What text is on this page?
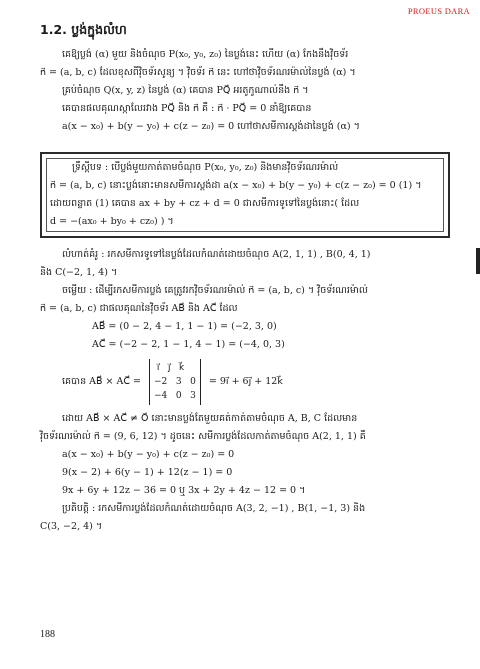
PROEUS DARA
1.2. ប្លង់ក្នុងលំហ
គេឱ្យប្លង់ (α) មួយ និងចំណុច P(x₀, y₀, z₀) នៃប្លង់នេះ ហើយ (α) កែងនឹងវ៉ិចទ័រ
n⃗ = (a, b, c) ដែលខុសពីវ៉ិចទ័រសូន្យ ។ វ៉ិចទ័រ n⃗ នេះ ហៅថាវ៉ិចទ័រណរម៉ាល់នៃប្លង់ (α) ។
គ្រប់ចំណុច Q(x, y, z) នៃប្លង់ (α) គេបាន PQ⃗ អរតូកូណាល់នឹង n⃗ ។
គេបានផលគុណស្កាលែរវាង PQ⃗ និង n⃗ គឺ : n⃗ · PQ⃗ = 0 នាំឱ្យគេបាន
a(x − x₀) + b(y − y₀) + c(z − z₀) = 0 ហៅថាសមីការស្តង់ដានៃប្លង់ (α) ។
ទ្រឹស្តីបទ : បើប្លង់មួយកាត់តាមចំណុច P(x₀, y₀, z₀) និងមានវ៉ិចទ័រណរម៉ាល់
n⃗ = (a, b, c) នោះប្លង់នោះមានសមីការស្តង់ដា a(x − x₀) + b(y − y₀) + c(z − z₀) = 0 (1) ។
ដោយពន្លាត (1) គេបាន ax + by + cz + d = 0 ជាសមីការទូទៅនៃប្លង់នោះ( ដែល
d = −(ax₀ + by₀ + cz₀) ) ។
លំហាត់គំរូ : រកសមីការទូទៅនៃប្លង់ដែលកំណត់ដោយចំណុច A(2, 1, 1) , B(0, 4, 1)
និង C(−2, 1, 4) ។
ចម្លើយ : ដើម្បីរកសមីការប្លង់ គេត្រូវរកវ៉ិចទ័រណរម៉ាល់ n⃗ = (a, b, c) ។ វ៉ិចទ័រណរម៉ាល់
n⃗ = (a, b, c) ជាផលគុណនៃវ៉ិចទ័រ AB⃗ និង AC⃗ ដែល
AB⃗ = (0 − 2, 4 − 1, 1 − 1) = (−2, 3, 0)
AC⃗ = (−2 − 2, 1 − 1, 4 − 1) = (−4, 0, 3)
គេបាន AB⃗ × AC⃗ =
i⃗   j⃗   k⃗
−2   3   0
−4   0   3
= 9i⃗ + 6j⃗ + 12k⃗
ដោយ AB⃗ × AC⃗ ≠ O⃗ នោះមានប្លង់តែមួយគត់កាត់តាមចំណុច A, B, C ដែលមាន
វ៉ិចទ័រណរម៉ាល់ n⃗ = (9, 6, 12) ។ ដូចនេះ សមីការប្លង់ដែលកាត់តាមចំណុច A(2, 1, 1) គឺ
a(x − x₀) + b(y − y₀) + c(z − z₀) = 0
9(x − 2) + 6(y − 1) + 12(z − 1) = 0
9x + 6y + 12z − 36 = 0 ឬ 3x + 2y + 4z − 12 = 0 ។
ប្រតិបត្តិ : រកសមីការប្លង់ដែលកំណត់ដោយចំណុច A(3, 2, −1) , B(1, −1, 3) និង
C(3, −2, 4) ។
188
